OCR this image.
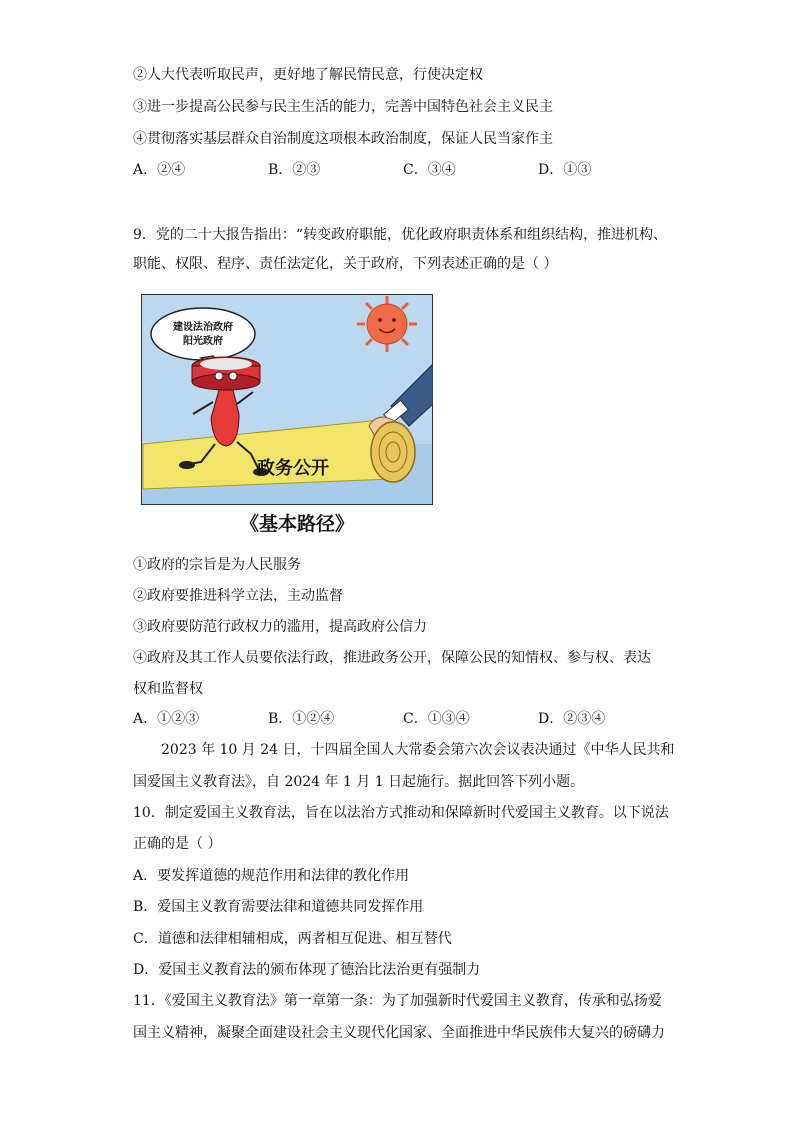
②人大代表听取民声，更好地了解民情民意，行使决定权
③进一步提高公民参与民主生活的能力，完善中国特色社会主义民主
④贯彻落实基层群众自治制度这项根本政治制度，保证人民当家作主
A．②④	B．②③	C．③④	D．①③
9．党的二十大报告指出：“转变政府职能，优化政府职责体系和组织结构，推进机构、
职能、权限、程序、责任法定化，关于政府，下列表述正确的是（ ）
建设法治政府
阳光政府
政务公开
《基本路径》
①政府的宗旨是为人民服务
②政府要推进科学立法，主动监督
③政府要防范行政权力的滥用，提高政府公信力
④政府及其工作人员要依法行政，推进政务公开，保障公民的知情权、参与权、表达
权和监督权
A．①②③	B．①②④	C．①③④	D．②③④
2023 年 10 月 24 日，十四届全国人大常委会第六次会议表决通过《中华人民共和
国爱国主义教育法》，自 2024 年 1 月 1 日起施行。据此回答下列小题。
10．制定爱国主义教育法，旨在以法治方式推动和保障新时代爱国主义教育。以下说法
正确的是（ ）
A．要发挥道德的规范作用和法律的教化作用
B．爱国主义教育需要法律和道德共同发挥作用
C．道德和法律相辅相成，两者相互促进、相互替代
D．爱国主义教育法的颁布体现了德治比法治更有强制力
11．《爱国主义教育法》第一章第一条：为了加强新时代爱国主义教育，传承和弘扬爱
国主义精神，凝聚全面建设社会主义现代化国家、全面推进中华民族伟大复兴的磅礴力
